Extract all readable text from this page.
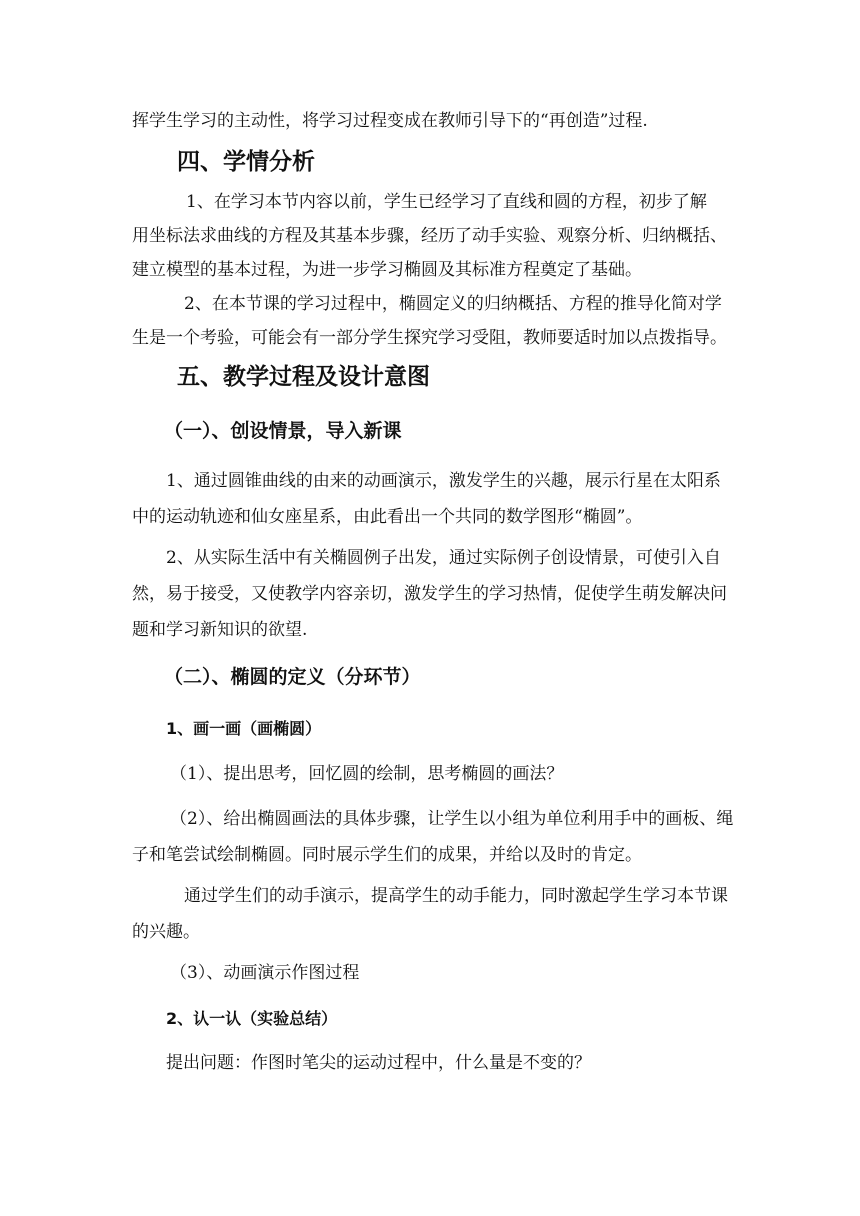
挥学生学习的主动性，将学习过程变成在教师引导下的“再创造”过程.
四、学情分析
1、在学习本节内容以前，学生已经学习了直线和圆的方程，初步了解
用坐标法求曲线的方程及其基本步骤，经历了动手实验、观察分析、归纳概括、
建立模型的基本过程，为进一步学习椭圆及其标准方程奠定了基础。
2、在本节课的学习过程中，椭圆定义的归纳概括、方程的推导化简对学
生是一个考验，可能会有一部分学生探究学习受阻，教师要适时加以点拨指导。
五、教学过程及设计意图
（一）、创设情景，导入新课
1、通过圆锥曲线的由来的动画演示，激发学生的兴趣，展示行星在太阳系
中的运动轨迹和仙女座星系，由此看出一个共同的数学图形“椭圆”。
2、从实际生活中有关椭圆例子出发，通过实际例子创设情景，可使引入自
然，易于接受，又使教学内容亲切，激发学生的学习热情，促使学生萌发解决问
题和学习新知识的欲望.
（二）、椭圆的定义（分环节）
1、画一画（画椭圆）
（1）、提出思考，回忆圆的绘制，思考椭圆的画法？
（2）、给出椭圆画法的具体步骤，让学生以小组为单位利用手中的画板、绳
子和笔尝试绘制椭圆。同时展示学生们的成果，并给以及时的肯定。
通过学生们的动手演示，提高学生的动手能力，同时激起学生学习本节课
的兴趣。
（3）、动画演示作图过程
2、认一认（实验总结）
提出问题：作图时笔尖的运动过程中，什么量是不变的？
